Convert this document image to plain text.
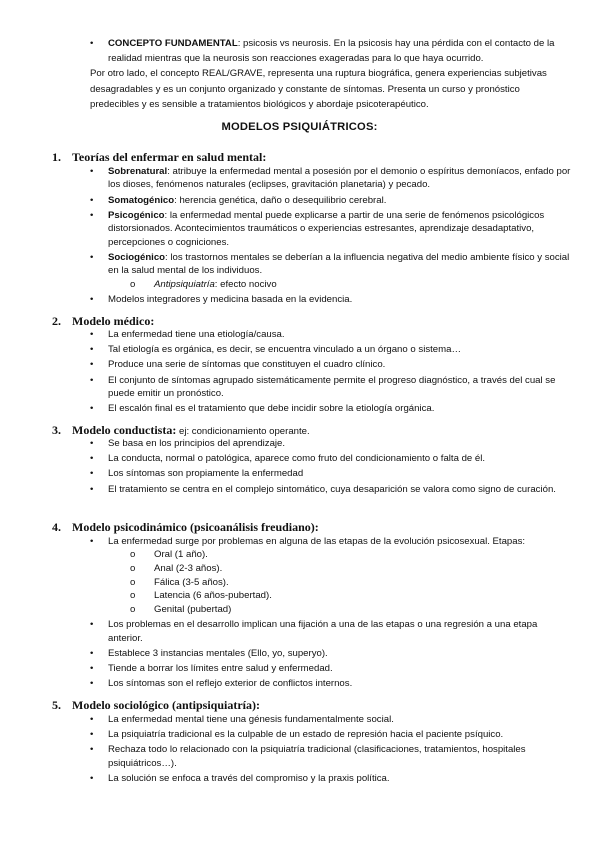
• CONCEPTO FUNDAMENTAL: psicosis vs neurosis. En la psicosis hay una pérdida con el contacto de la realidad mientras que la neurosis son reacciones exageradas para lo que haya ocurrido.

Por otro lado, el concepto REAL/GRAVE, representa una ruptura biográfica, genera experiencias subjetivas desagradables y es un conjunto organizado y constante de síntomas. Presenta un curso y pronóstico predecibles y es sensible a tratamientos biológicos y abordaje psicoterapéutico.

MODELOS PSIQUIÁTRICOS:
1. Teorías del enfermar en salud mental:
• Sobrenatural: atribuye la enfermedad mental a posesión por el demonio o espíritus demoníacos, enfado por los dioses, fenómenos naturales (eclipses, gravitación planetaria) y pecado.
• Somatogénico: herencia genética, daño o desequilibrio cerebral.
• Psicogénico: la enfermedad mental puede explicarse a partir de una serie de fenómenos psicológicos distorsionados. Acontecimientos traumáticos o experiencias estresantes, aprendizaje desadaptativo, percepciones o cogniciones.
• Sociogénico: los trastornos mentales se deberían a la influencia negativa del medio ambiente físico y social en la salud mental de los individuos.
o Antipsiquiatría: efecto nocivo
• Modelos integradores y medicina basada en la evidencia.
2. Modelo médico:
• La enfermedad tiene una etiología/causa.
• Tal etiología es orgánica, es decir, se encuentra vinculado a un órgano o sistema…
• Produce una serie de síntomas que constituyen el cuadro clínico.
• El conjunto de síntomas agrupado sistemáticamente permite el progreso diagnóstico, a través del cual se puede emitir un pronóstico.
• El escalón final es el tratamiento que debe incidir sobre la etiología orgánica.
3. Modelo conductista: ej: condicionamiento operante.
• Se basa en los principios del aprendizaje.
• La conducta, normal o patológica, aparece como fruto del condicionamiento o falta de él.
• Los síntomas son propiamente la enfermedad
• El tratamiento se centra en el complejo sintomático, cuya desaparición se valora como signo de curación.
4. Modelo psicodinámico (psicoanálisis freudiano):
• La enfermedad surge por problemas en alguna de las etapas de la evolución psicosexual. Etapas:
o Oral (1 año).
o Anal (2-3 años).
o Fálica (3-5 años).
o Latencia (6 años-pubertad).
o Genital (pubertad)
• Los problemas en el desarrollo implican una fijación a una de las etapas o una regresión a una etapa anterior.
• Establece 3 instancias mentales (Ello, yo, superyo).
• Tiende a borrar los límites entre salud y enfermedad.
• Los síntomas son el reflejo exterior de conflictos internos.
5. Modelo sociológico (antipsiquiatría):
• La enfermedad mental tiene una génesis fundamentalmente social.
• La psiquiatría tradicional es la culpable de un estado de represión hacia el paciente psíquico.
• Rechaza todo lo relacionado con la psiquiatría tradicional (clasificaciones, tratamientos, hospitales psiquiátricos…).
• La solución se enfoca a través del compromiso y la praxis política.
